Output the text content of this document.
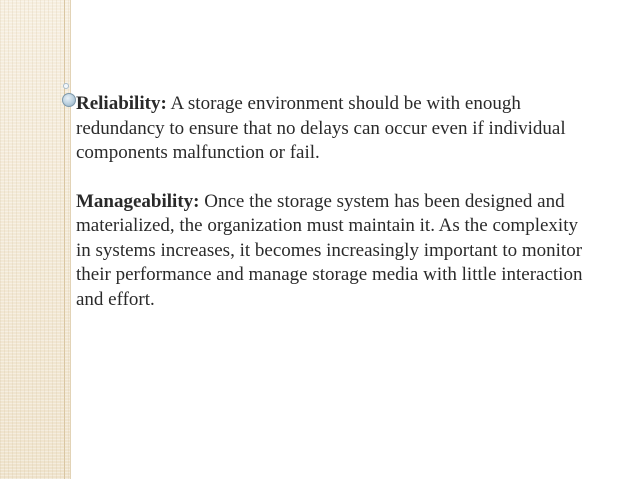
Reliability: A storage environment should be with enough redundancy to ensure that no delays can occur even if individual components malfunction or fail.

Manageability: Once the storage system has been designed and materialized, the organization must maintain it. As the complexity in systems increases, it becomes increasingly important to monitor their performance and manage storage media with little interaction and effort.
